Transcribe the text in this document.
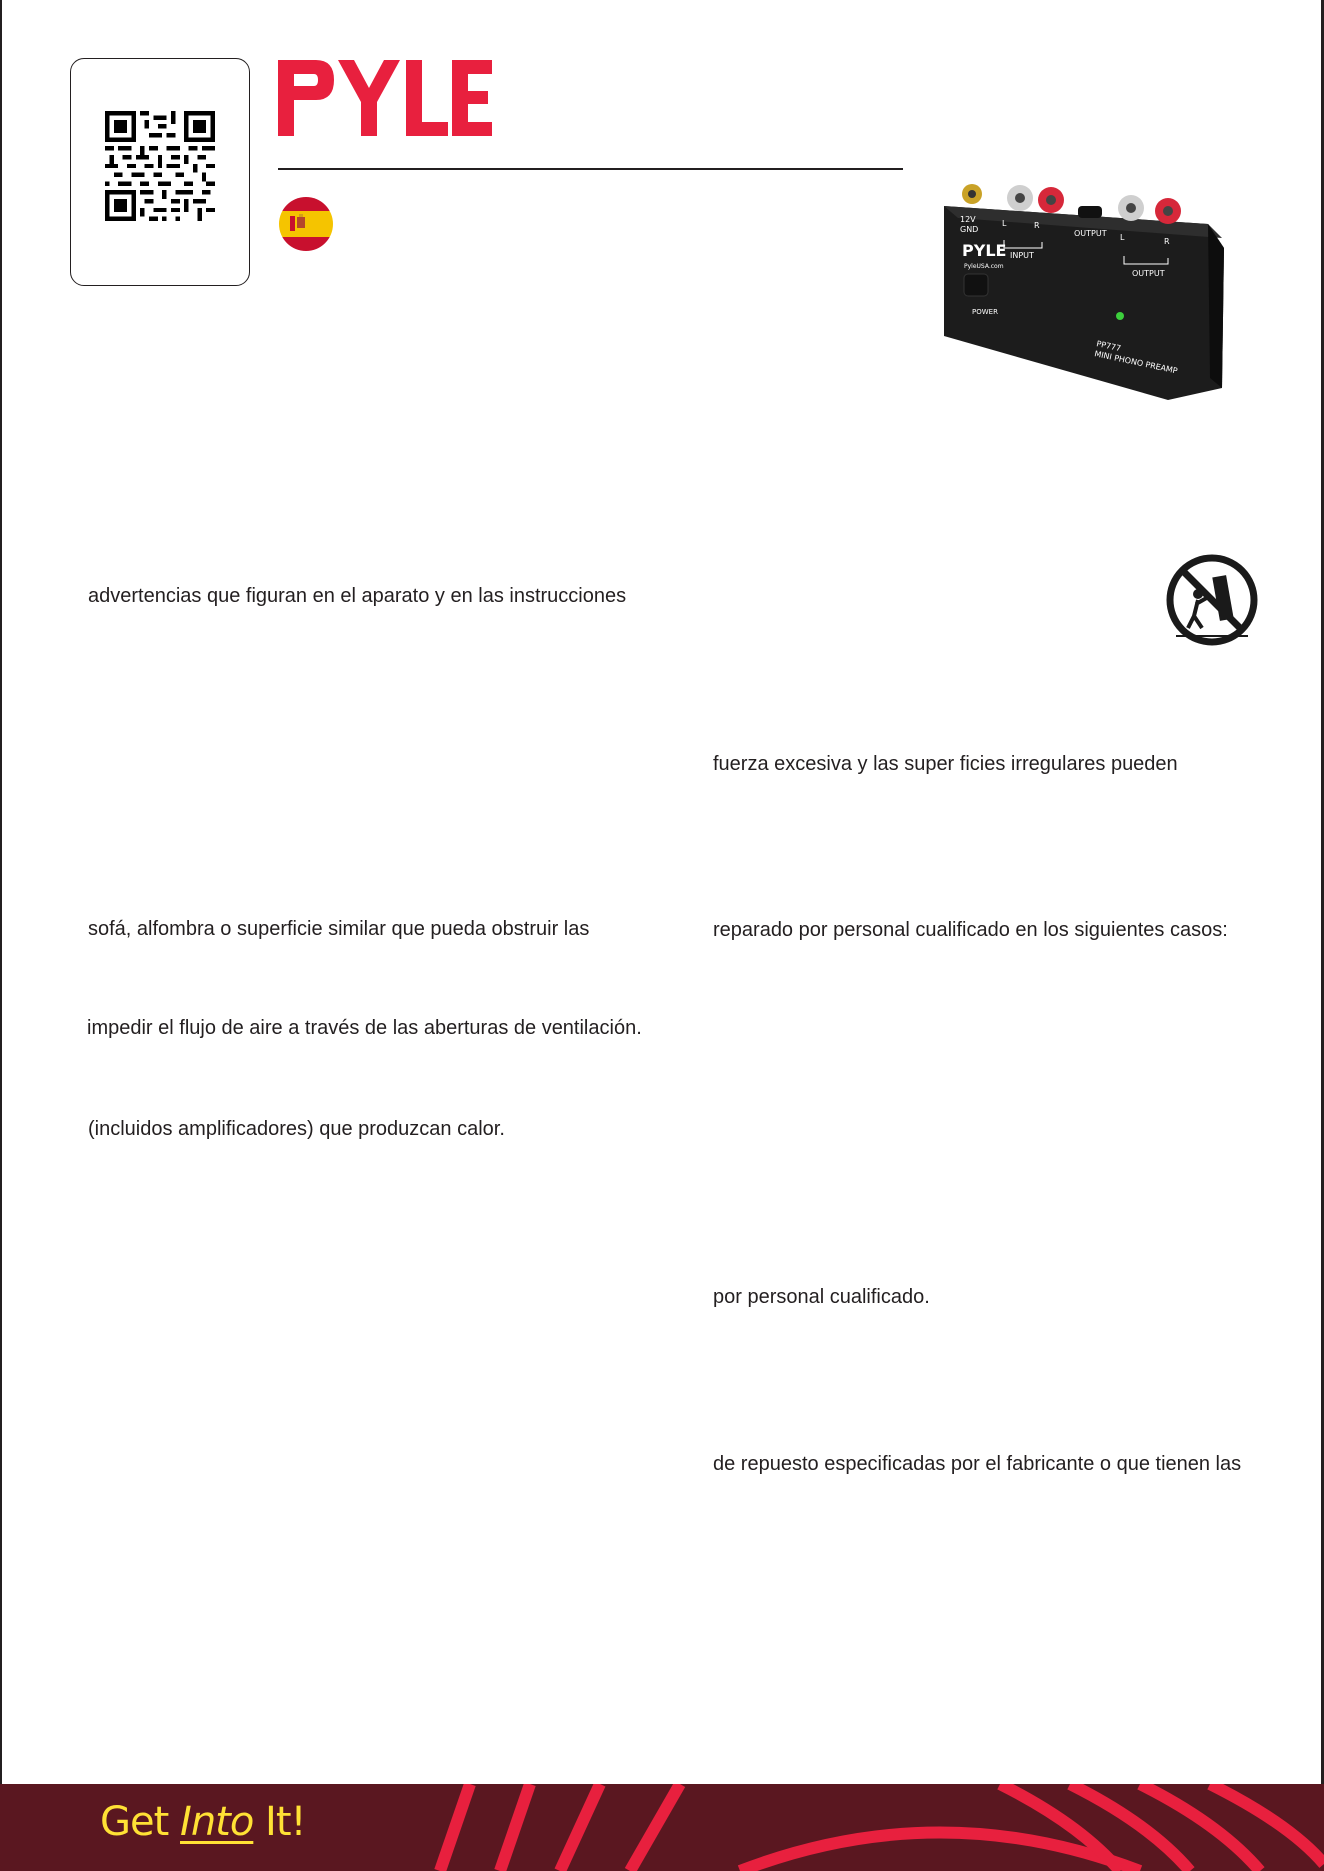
12V
GND
L	R
OUTPUT L	R
INPUT
OUTPUT
PYLE
PyleUSA.com
POWER
PP777
MINI PHONO PREAMP

advertencias que figuran en el aparato y en las instrucciones

sofá, alfombra o superficie similar que pueda obstruir las

impedir el flujo de aire a través de las aberturas de ventilación.

(incluidos amplificadores) que produzcan calor.

fuerza excesiva y las super ficies irregulares pueden

reparado por personal cualificado en los siguientes casos:

por personal cualificado.

de repuesto especificadas por el fabricante o que tienen las

Get Into It!
